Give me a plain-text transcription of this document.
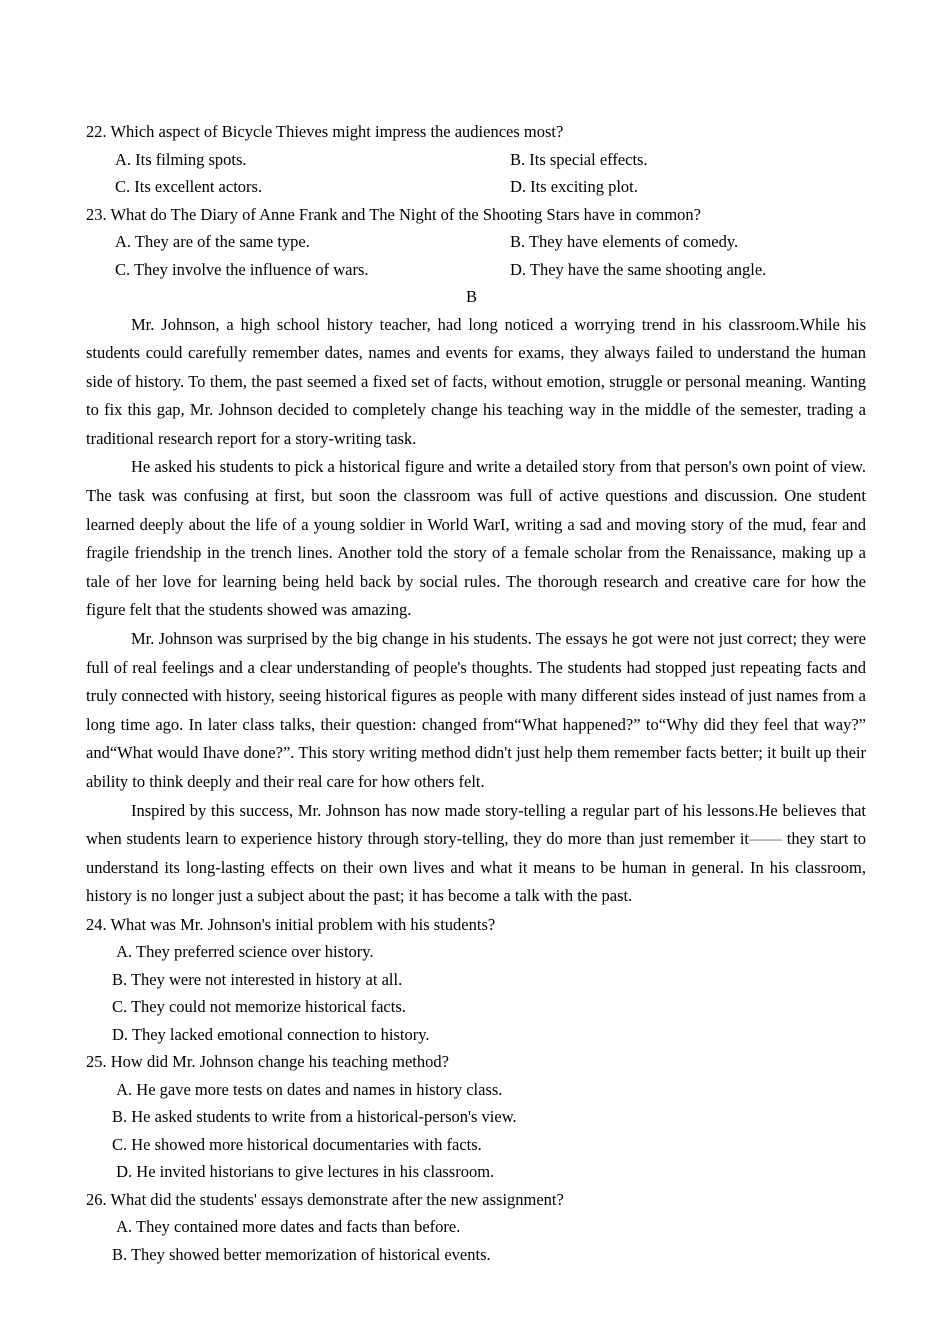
22. Which aspect of Bicycle Thieves might impress the audiences most?

A. Its filming spots.	B. Its special effects.
C. Its excellent actors.	D. Its exciting plot.

23. What do The Diary of Anne Frank and The Night of the Shooting Stars have in common?

A. They are of the same type.	B. They have elements of comedy.
C. They involve the influence of wars.	D. They have the same shooting angle.

B

Mr. Johnson, a high school history teacher, had long noticed a worrying trend in his classroom.While his students could carefully remember dates, names and events for exams, they always failed to understand the human side of history. To them, the past seemed a fixed set of facts, without emotion, struggle or personal meaning. Wanting to fix this gap, Mr. Johnson decided to completely change his teaching way in the middle of the semester, trading a traditional research report for a story-writing task.

He asked his students to pick a historical figure and write a detailed story from that person's own point of view. The task was confusing at first, but soon the classroom was full of active questions and discussion. One student learned deeply about the life of a young soldier in World WarI, writing a sad and moving story of the mud, fear and fragile friendship in the trench lines. Another told the story of a female scholar from the Renaissance, making up a tale of her love for learning being held back by social rules. The thorough research and creative care for how the figure felt that the students showed was amazing.

Mr. Johnson was surprised by the big change in his students. The essays he got were not just correct; they were full of real feelings and a clear understanding of people's thoughts. The students had stopped just repeating facts and truly connected with history, seeing historical figures as people with many different sides instead of just names from a long time ago. In later class talks, their question: changed from“What happened?” to“Why did they feel that way?” and“What would Ihave done?”. This story writing method didn't just help them remember facts better; it built up their ability to think deeply and their real care for how others felt.

Inspired by this success, Mr. Johnson has now made story-telling a regular part of his lessons.He believes that when students learn to experience history through story-telling, they do more than just remember it—— they start to understand its long-lasting effects on their own lives and what it means to be human in general. In his classroom, history is no longer just a subject about the past; it has become a talk with the past.

24. What was Mr. Johnson's initial problem with his students?

A. They preferred science over history.

B. They were not interested in history at all.

C. They could not memorize historical facts.

D. They lacked emotional connection to history.

25. How did Mr. Johnson change his teaching method?

A. He gave more tests on dates and names in history class.

B. He asked students to write from a historical-person's view.

C. He showed more historical documentaries with facts.

D. He invited historians to give lectures in his classroom.

26. What did the students' essays demonstrate after the new assignment?

A. They contained more dates and facts than before.

B. They showed better memorization of historical events.
